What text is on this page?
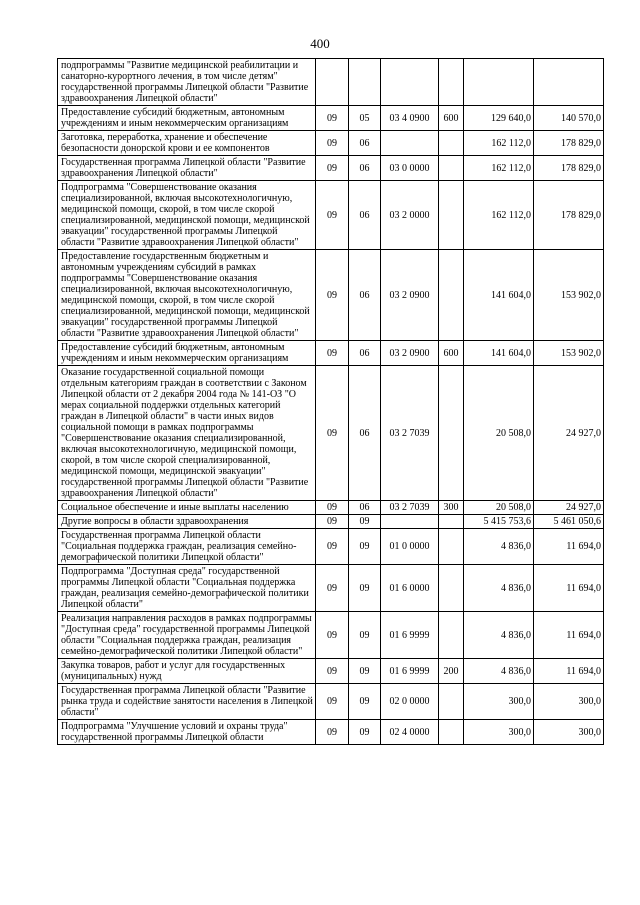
400
подпрограммы "Развитие медицинской реабилитации и санаторно-курортного лечения, в том числе детям" государственной программы Липецкой области "Развитие здравоохранения Липецкой области"						
Предоставление субсидий бюджетным, автономным учреждениям и иным некоммерческим организациям	09	05	03 4 0900	600	129 640,0	140 570,0
Заготовка, переработка, хранение и обеспечение безопасности донорской крови и ее компонентов	09	06			162 112,0	178 829,0
Государственная программа Липецкой области "Развитие здравоохранения Липецкой области"	09	06	03 0 0000		162 112,0	178 829,0
Подпрограмма "Совершенствование оказания специализированной, включая высокотехнологичную, медицинской помощи, скорой, в том числе скорой специализированной, медицинской помощи, медицинской эвакуации" государственной программы Липецкой области "Развитие здравоохранения Липецкой области"	09	06	03 2 0000		162 112,0	178 829,0
Предоставление государственным бюджетным и автономным учреждениям субсидий в рамках подпрограммы "Совершенствование оказания специализированной, включая высокотехнологичную, медицинской помощи, скорой, в том числе скорой специализированной, медицинской помощи, медицинской эвакуации" государственной программы Липецкой области "Развитие здравоохранения Липецкой области"	09	06	03 2 0900		141 604,0	153 902,0
Предоставление субсидий бюджетным, автономным учреждениям и иным некоммерческим организациям	09	06	03 2 0900	600	141 604,0	153 902,0
Оказание государственной социальной помощи отдельным категориям граждан в соответствии с Законом Липецкой области от 2 декабря 2004 года № 141-ОЗ "О мерах социальной поддержки отдельных категорий граждан в Липецкой области" в части иных видов социальной помощи в рамках подпрограммы "Совершенствование оказания специализированной, включая высокотехнологичную, медицинской помощи, скорой, в том числе скорой специализированной, медицинской помощи, медицинской эвакуации" государственной программы Липецкой области "Развитие здравоохранения Липецкой области"	09	06	03 2 7039		20 508,0	24 927,0
Социальное обеспечение и иные выплаты населению	09	06	03 2 7039	300	20 508,0	24 927,0
Другие вопросы в области здравоохранения	09	09			5 415 753,6	5 461 050,6
Государственная программа Липецкой области "Социальная поддержка граждан, реализация семейно-демографической политики Липецкой области"	09	09	01 0 0000		4 836,0	11 694,0
Подпрограмма "Доступная среда" государственной программы Липецкой области "Социальная поддержка граждан, реализация семейно-демографической политики Липецкой области"	09	09	01 6 0000		4 836,0	11 694,0
Реализация направления расходов в рамках подпрограммы "Доступная среда" государственной программы Липецкой области "Социальная поддержка граждан, реализация семейно-демографической политики Липецкой области"	09	09	01 6 9999		4 836,0	11 694,0
Закупка товаров, работ и услуг для государственных (муниципальных) нужд	09	09	01 6 9999	200	4 836,0	11 694,0
Государственная программа Липецкой области "Развитие рынка труда и содействие занятости населения в Липецкой области"	09	09	02 0 0000		300,0	300,0
Подпрограмма "Улучшение условий и охраны труда" государственной программы Липецкой области	09	09	02 4 0000		300,0	300,0
